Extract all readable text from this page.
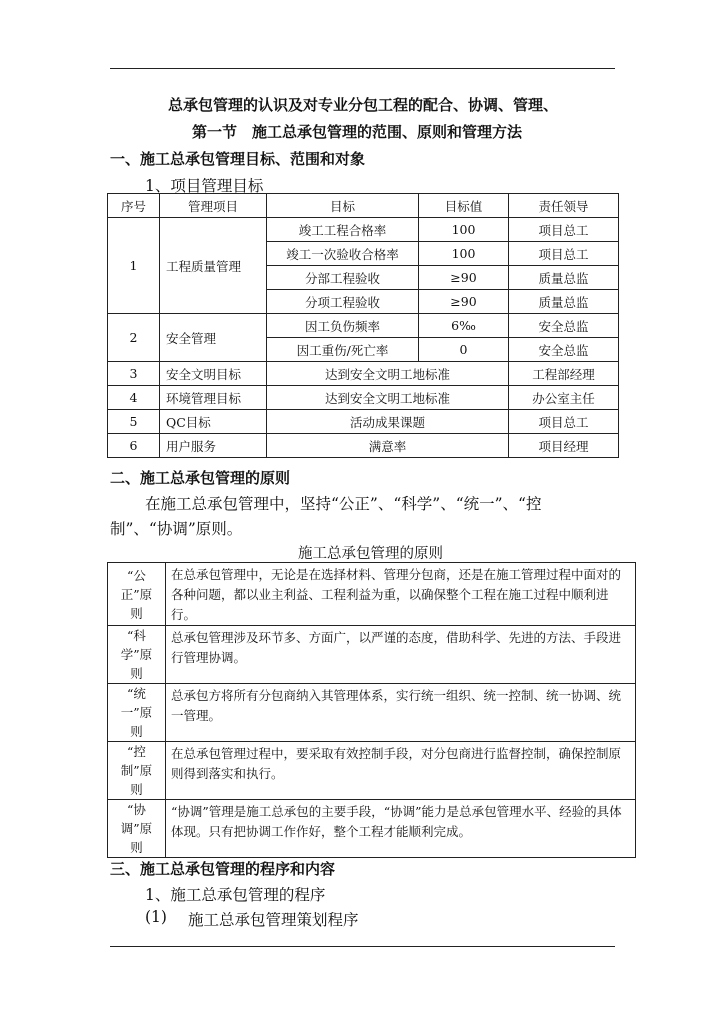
总承包管理的认识及对专业分包工程的配合、协调、管理、
第一节　施工总承包管理的范围、原则和管理方法
一、施工总承包管理目标、范围和对象
1、项目管理目标
序号	管理项目	目标	目标值	责任领导
1	工程质量管理	竣工工程合格率	100	项目总工
		竣工一次验收合格率	100	项目总工
		分部工程验收	≥90	质量总监
		分项工程验收	≥90	质量总监
2	安全管理	因工负伤频率	6‰	安全总监
		因工重伤/死亡率	0	安全总监
3	安全文明目标	达到安全文明工地标准		工程部经理
4	环境管理目标	达到安全文明工地标准		办公室主任
5	QC目标	活动成果课题		项目总工
6	用户服务	满意率		项目经理
二、施工总承包管理的原则
在施工总承包管理中，坚持“公正”、“科学”、“统一”、“控
制”、“协调”原则。
施工总承包管理的原则
“公
正”原
则	在总承包管理中，无论是在选择材料、管理分包商，还是在施工管理过程中面对的各种问题，都以业主利益、工程利益为重，以确保整个工程在施工过程中顺利进行。
“科
学”原
则	总承包管理涉及环节多、方面广，以严谨的态度，借助科学、先进的方法、手段进行管理协调。
“统
一”原
则	总承包方将所有分包商纳入其管理体系，实行统一组织、统一控制、统一协调、统一管理。
“控
制”原
则	在总承包管理过程中，要采取有效控制手段，对分包商进行监督控制，确保控制原则得到落实和执行。
“协
调”原
则	“协调”管理是施工总承包的主要手段，“协调”能力是总承包管理水平、经验的具体体现。只有把协调工作作好，整个工程才能顺利完成。
三、施工总承包管理的程序和内容
1、施工总承包管理的程序
(1) 施工总承包管理策划程序
